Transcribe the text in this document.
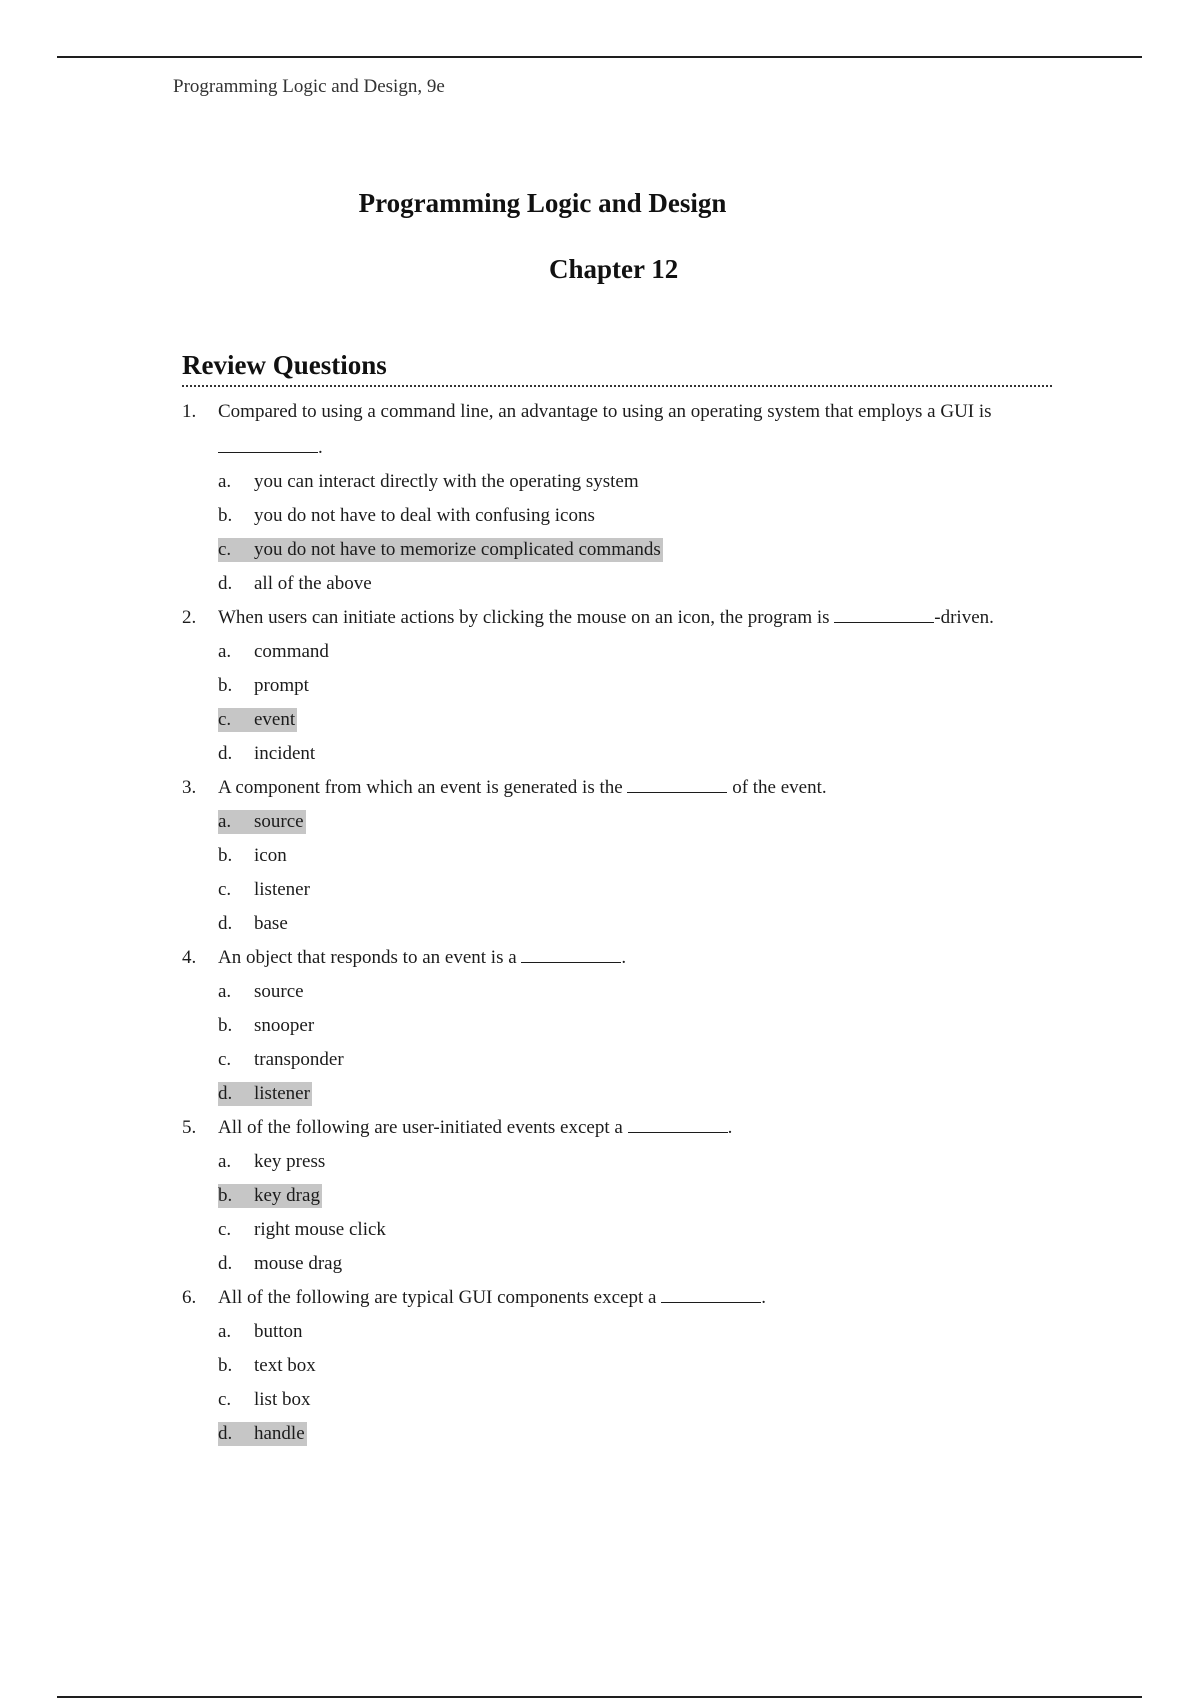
Programming Logic and Design, 9e
Programming Logic and Design
Chapter 12
Review Questions
1.	Compared to using a command line, an advantage to using an operating system that employs a GUI is
.
a.	you can interact directly with the operating system
b.	you do not have to deal with confusing icons
c.	you do not have to memorize complicated commands
d.	all of the above
2.	When users can initiate actions by clicking the mouse on an icon, the program is	-driven.
a.	command
b.	prompt
c.	event
d.	incident
3.	A component from which an event is generated is the	of the event.
a.	source
b.	icon
c.	listener
d.	base
4.	An object that responds to an event is a	.
a.	source
b.	snooper
c.	transponder
d.	listener
5.	All of the following are user-initiated events except a	.
a.	key press
b.	key drag
c.	right mouse click
d.	mouse drag
6.	All of the following are typical GUI components except a	.
a.	button
b.	text box
c.	list box
d.	handle
